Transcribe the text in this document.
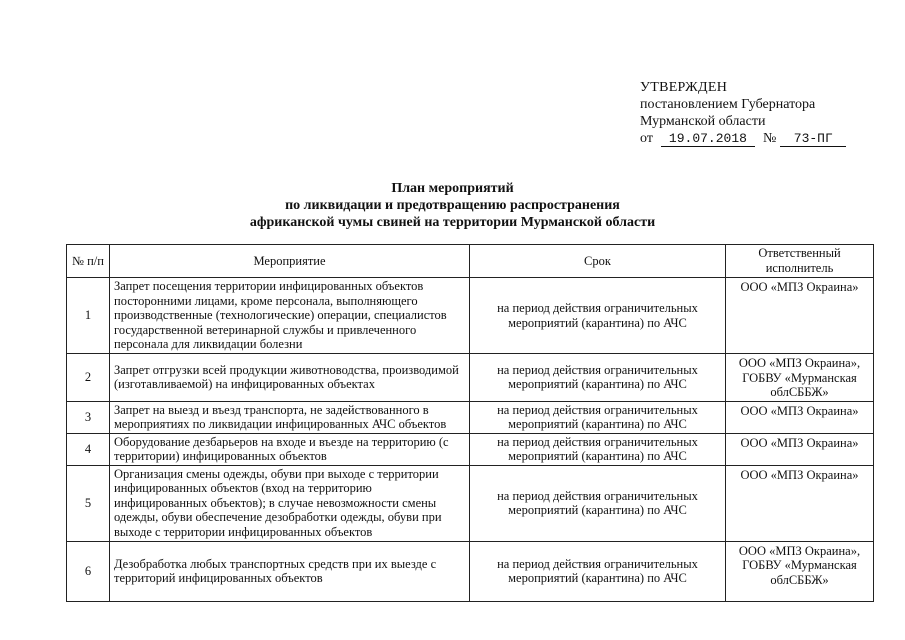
УТВЕРЖДЕН
постановлением Губернатора
Мурманской области
от 19.07.2018 № 73-ПГ
План мероприятий
по ликвидации и предотвращению распространения
африканской чумы свиней на территории Мурманской области
№ п/п	Мероприятие	Срок	Ответственный исполнитель
1	Запрет посещения территории инфицированных объектов посторонними лицами, кроме персонала, выполняющего производственные (технологические) операции, специалистов государственной ветеринарной службы и привлеченного персонала для ликвидации болезни	на период действия ограничительных мероприятий (карантина) по АЧС	ООО «МПЗ Окраина»
2	Запрет отгрузки всей продукции животноводства, производимой (изготавливаемой) на инфицированных объектах	на период действия ограничительных мероприятий (карантина) по АЧС	ООО «МПЗ Окраина», ГОБВУ «Мурманская облСББЖ»
3	Запрет на выезд и въезд транспорта, не задействованного в мероприятиях по ликвидации инфицированных АЧС объектов	на период действия ограничительных мероприятий (карантина) по АЧС	ООО «МПЗ Окраина»
4	Оборудование дезбарьеров на входе и въезде на территорию (с территории) инфицированных объектов	на период действия ограничительных мероприятий (карантина) по АЧС	ООО «МПЗ Окраина»
5	Организация смены одежды, обуви при выходе с территории инфицированных объектов (вход на территорию инфицированных объектов); в случае невозможности смены одежды, обуви обеспечение дезобработки одежды, обуви при выходе с территории инфицированных объектов	на период действия ограничительных мероприятий (карантина) по АЧС	ООО «МПЗ Окраина»
6	Дезобработка любых транспортных средств при их выезде с территорий инфицированных объектов	на период действия ограничительных мероприятий (карантина) по АЧС	ООО «МПЗ Окраина», ГОБВУ «Мурманская облСББЖ»
